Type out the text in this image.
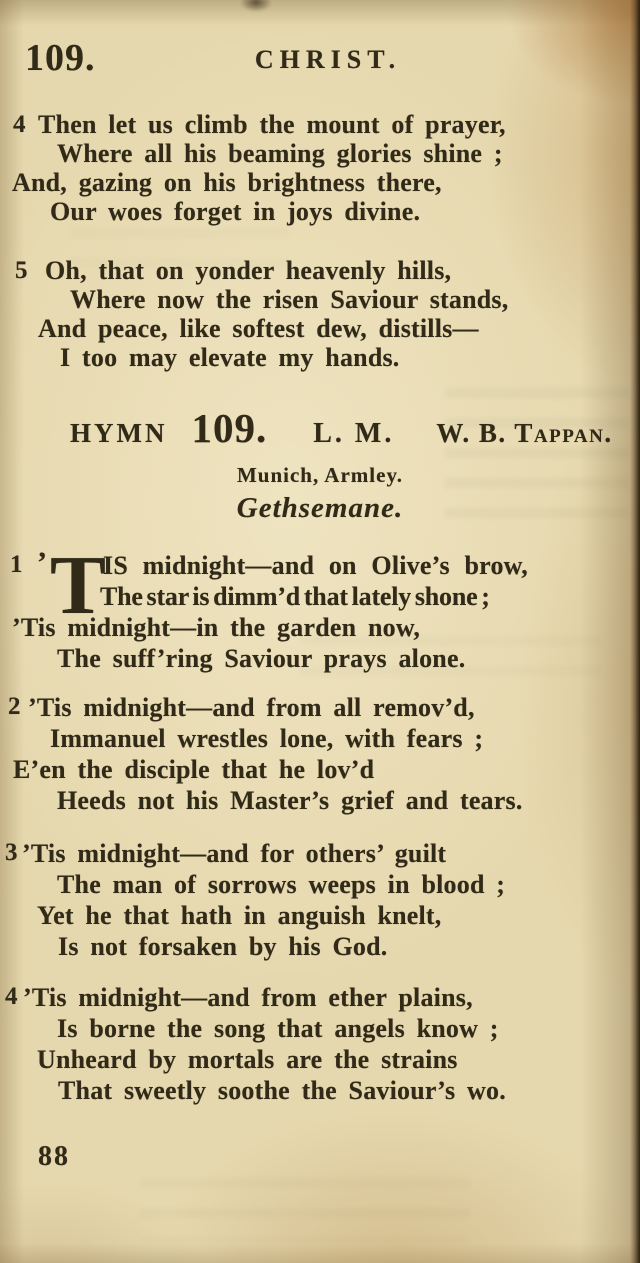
109.	CHRIST.
4 Then let us climb the mount of prayer,
Where all his beaming glories shine ;
And, gazing on his brightness there,
Our woes forget in joys divine.
5 Oh, that on yonder heavenly hills,
Where now the risen Saviour stands,
And peace, like softest dew, distills—
I too may elevate my hands.
HYMN 109. L. M. W. B. Tappan.
Munich, Armley.
Gethsemane.
1 ’ T
IS midnight—and on Olive’s brow,
The star is dimm’d that lately shone ;
’Tis midnight—in the garden now,
The suff’ring Saviour prays alone.
2 ’Tis midnight—and from all remov’d,
Immanuel wrestles lone, with fears ;
E’en the disciple that he lov’d
Heeds not his Master’s grief and tears.
3 ’Tis midnight—and for others’ guilt
The man of sorrows weeps in blood ;
Yet he that hath in anguish knelt,
Is not forsaken by his God.
4 ’Tis midnight—and from ether plains,
Is borne the song that angels know ;
Unheard by mortals are the strains
That sweetly soothe the Saviour’s wo.
88
